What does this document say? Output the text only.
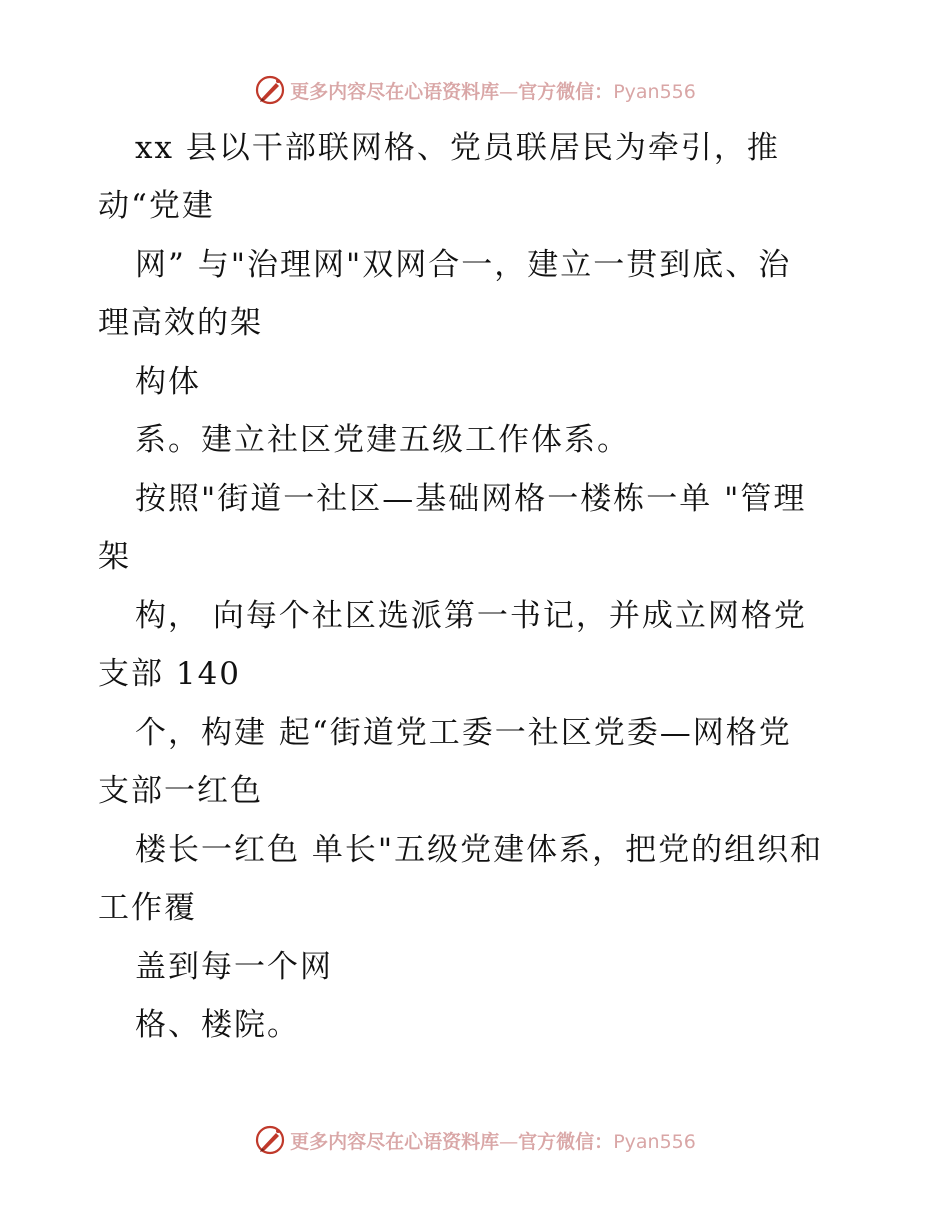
更多内容尽在心语资料库—官方微信：Pyan556
xx 县以干部联网格、党员联居民为牵引，推
动“党建
网” 与"治理网"双网合一，建立一贯到底、治
理高效的架
构体
系。建立社区党建五级工作体系。
按照"街道一社区—基础网格一楼栋一单 "管理
架
构， 向每个社区选派第一书记，并成立网格党
支部 140
个，构建 起“街道党工委一社区党委—网格党
支部一红色
楼长一红色 单长"五级党建体系，把党的组织和
工作覆
盖到每一个网
格、楼院。
更多内容尽在心语资料库—官方微信：Pyan556
